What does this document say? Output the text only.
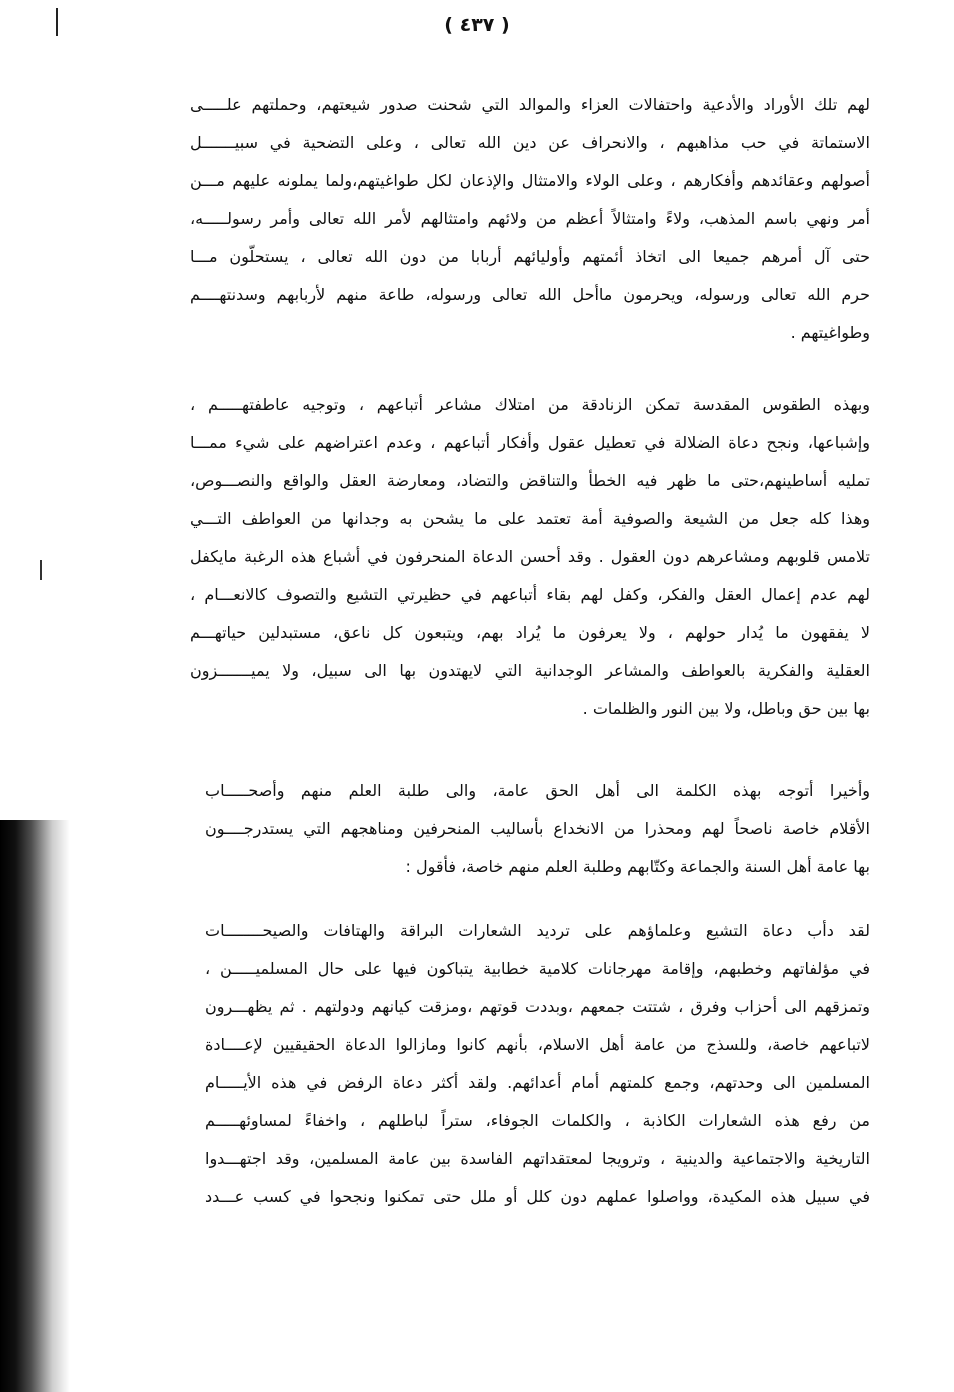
( ٤٣٧ )
لهم تلك الأوراد والأدعية واحتفالات العزاء والموالد التي شحنت صدور شيعتهم، وحملتهم علـــــى
الاستماتة في حب مذاهبهم ، والانحراف عن دين الله تعالى ، وعلى التضحية في سبيـــــــل
أصولهم وعقائدهم وأفكارهم ، وعلى الولاء والامتثال والإذعان لكل طواغيتهم،ولما يملونه عليهم مـــن
أمر ونهي باسم المذهب، ولاءً وامتثالاً أعظم من ولائهم وامتثالهم لأمر الله تعالى وأمر رسولـــــه،
حتى آل أمرهم جميعا الى اتخاذ أئمتهم وأوليائهم أربابا من دون الله تعالى ، يستحلّون مـــا
حرم الله تعالى ورسوله، ويحرمون ماأحل الله تعالى ورسوله، طاعة منهم لأربابهم وسدنتهــــم
وطواغيتهم .
وبهذه الطقوس المقدسة تمكن الزنادقة من امتلاك مشاعر أتباعهم ، وتوجيه عاطفتهـــــم ،
وإشباعها، ونجح دعاة الضلالة في تعطيل عقول وأفكار أتباعهم ، وعدم اعتراضهم على شيء ممـــا
تمليه أساطينهم،حتى ما ظهر فيه الخطأ والتناقض والتضاد، ومعارضة العقل والواقع والنصـــوص،
وهذا كله جعل من الشيعة والصوفية أمة تعتمد على ما يشحن به وجدانها من العواطف التـــي
تلامس قلوبهم ومشاعرهم دون العقول . وقد أحسن الدعاة المنحرفون في أشباع هذه الرغبة مايكفل
لهم عدم إعمال العقل والفكر، وكفل لهم بقاء أتباعهم في حظيرتي التشيع والتصوف كالانعـــام ،
لا يفقهون ما يُدار حولهم ، ولا يعرفون ما يُراد بهم، ويتبعون كل ناعق، مستبدلين حياتهـــم
العقلية والفكرية بالعواطف والمشاعر الوجدانية التي لايهتدون بها الى سبيل، ولا يميـــــــزون
بها بين حق وباطل، ولا بين النور والظلمات .
وأخيرا أتوجه بهذه الكلمة الى أهل الحق عامة، والى طلبة العلم منهم وأصحـــــاب
الأقلام خاصة ناصحاً لهم ومحذرا من الانخداع بأساليب المنحرفين ومناهجهم التي يستدرجــــون
بها عامة أهل السنة والجماعة وكتّابهم وطلبة العلم منهم خاصة، فأقول :
لقد دأب دعاة التشيع وعلماؤهم على ترديد الشعارات البراقة والهتافات والصيحــــــــات
في مؤلفاتهم وخطبهم، وإقامة مهرجانات كلامية خطابية يتباكون فيها على حال المسلميـــــن ،
وتمزقهم الى أحزاب وفرق ، شتتت جمعهم ،وبددت قوتهم ،ومزقت كيانهم ودولتهم . ثم يظهـــرون
لاتباعهم خاصة، وللسذج من عامة أهل الاسلام، بأنهم كانوا ومازالوا الدعاة الحقيقيين لإعــــادة
المسلمين الى وحدتهم، وجمع كلمتهم أمام أعدائهم. ولقد أكثر دعاة الرفض في هذه الأيـــــام
من رفع هذه الشعارات الكاذبة ، والكلمات الجوفاء، ستراً لباطلهم ، واخفاءً لمساوئهـــــم
التاريخية والاجتماعية والدينية ، وترويجا لمعتقداتهم الفاسدة بين عامة المسلمين، وقد اجتهـــدوا
في سبيل هذه المكيدة، وواصلوا عملهم دون كلل أو ملل حتى تمكنوا ونجحوا في كسب عـــدد
